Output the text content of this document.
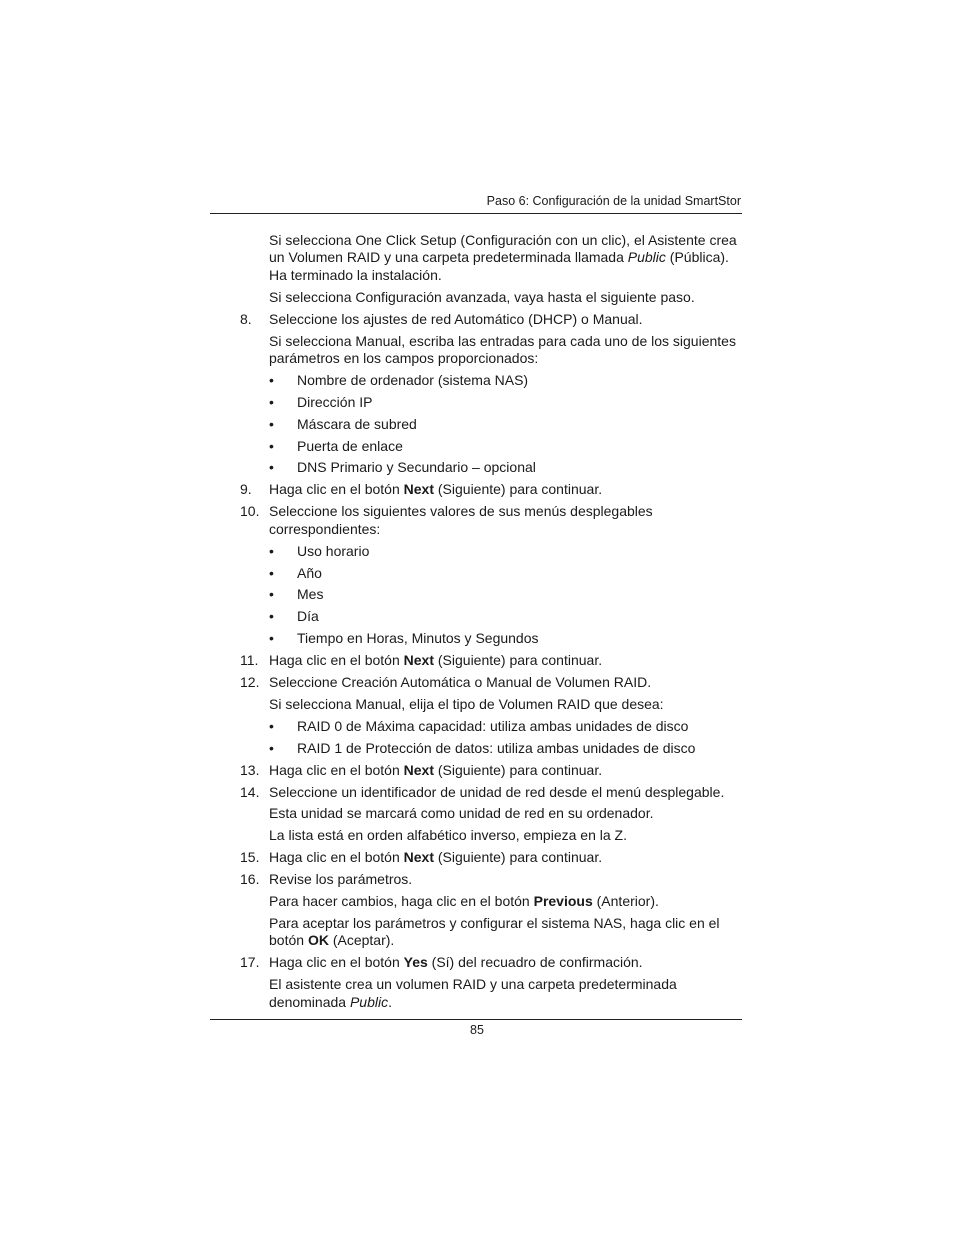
Paso 6: Configuración de la unidad SmartStor

Si selecciona One Click Setup (Configuración con un clic), el Asistente crea un Volumen RAID y una carpeta predeterminada llamada Public (Pública). Ha terminado la instalación.

Si selecciona Configuración avanzada, vaya hasta el siguiente paso.

8. Seleccione los ajustes de red Automático (DHCP) o Manual.

Si selecciona Manual, escriba las entradas para cada uno de los siguientes parámetros en los campos proporcionados:

• Nombre de ordenador (sistema NAS)
• Dirección IP
• Máscara de subred
• Puerta de enlace
• DNS Primario y Secundario – opcional
9. Haga clic en el botón Next (Siguiente) para continuar.
10. Seleccione los siguientes valores de sus menús desplegables correspondientes:
• Uso horario
• Año
• Mes
• Día
• Tiempo en Horas, Minutos y Segundos
11. Haga clic en el botón Next (Siguiente) para continuar.
12. Seleccione Creación Automática o Manual de Volumen RAID.

Si selecciona Manual, elija el tipo de Volumen RAID que desea:

• RAID 0 de Máxima capacidad: utiliza ambas unidades de disco
• RAID 1 de Protección de datos: utiliza ambas unidades de disco
13. Haga clic en el botón Next (Siguiente) para continuar.
14. Seleccione un identificador de unidad de red desde el menú desplegable.

Esta unidad se marcará como unidad de red en su ordenador.

La lista está en orden alfabético inverso, empieza en la Z.

15. Haga clic en el botón Next (Siguiente) para continuar.
16. Revise los parámetros.

Para hacer cambios, haga clic en el botón Previous (Anterior).

Para aceptar los parámetros y configurar el sistema NAS, haga clic en el botón OK (Aceptar).

17. Haga clic en el botón Yes (Sí) del recuadro de confirmación.

El asistente crea un volumen RAID y una carpeta predeterminada denominada Public.

85
